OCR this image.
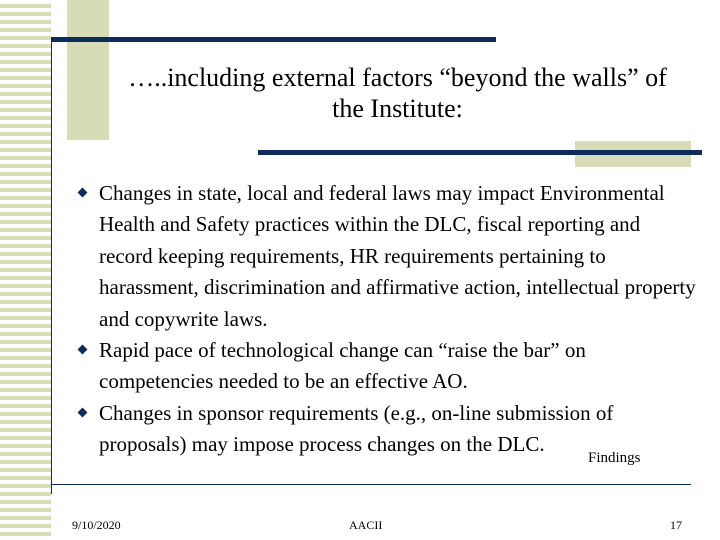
…..including external factors “beyond the walls” of the Institute:
Changes in state, local and federal laws may impact Environmental Health and Safety practices within the DLC, fiscal reporting and record keeping requirements, HR requirements pertaining to harassment, discrimination and affirmative action, intellectual property and copywrite laws.
Rapid pace of technological change can “raise the bar” on competencies needed to be an effective AO.
Changes in sponsor requirements (e.g., on-line submission of proposals) may impose process changes on the DLC.
Findings
9/10/2020	AACII	17
